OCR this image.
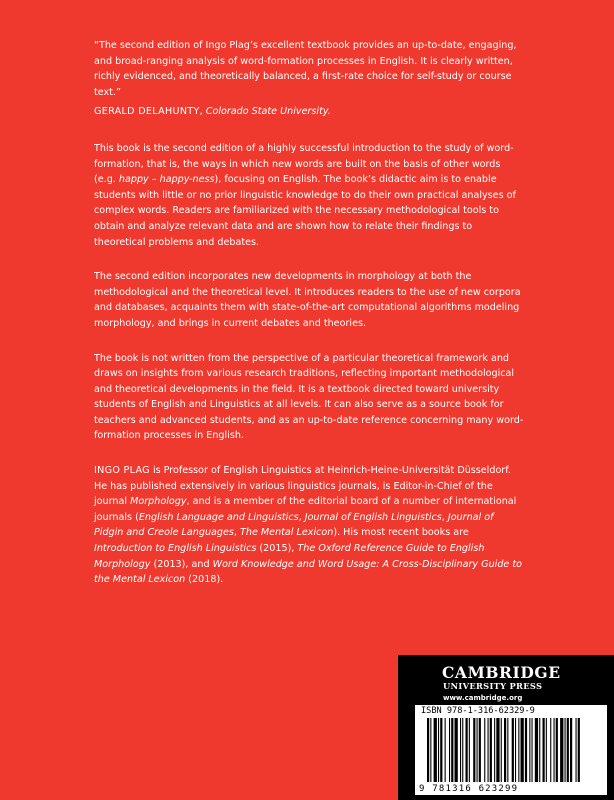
“The second edition of Ingo Plag’s excellent textbook provides an up-to-date, engaging, and broad-ranging analysis of word-formation processes in English. It is clearly written, richly evidenced, and theoretically balanced, a first-rate choice for self-study or course text.”

GERALD DELAHUNTY, Colorado State University.

This book is the second edition of a highly successful introduction to the study of word-formation, that is, the ways in which new words are built on the basis of other words (e.g. happy – happy-ness), focusing on English. The book’s didactic aim is to enable students with little or no prior linguistic knowledge to do their own practical analyses of complex words. Readers are familiarized with the necessary methodological tools to obtain and analyze relevant data and are shown how to relate their findings to theoretical problems and debates.

The second edition incorporates new developments in morphology at both the methodological and the theoretical level. It introduces readers to the use of new corpora and databases, acquaints them with state-of-the-art computational algorithms modeling morphology, and brings in current debates and theories.

The book is not written from the perspective of a particular theoretical framework and draws on insights from various research traditions, reflecting important methodological and theoretical developments in the field. It is a textbook directed toward university students of English and Linguistics at all levels. It can also serve as a source book for teachers and advanced students, and as an up-to-date reference concerning many word-formation processes in English.

INGO PLAG is Professor of English Linguistics at Heinrich-Heine-Universität Düsseldorf. He has published extensively in various linguistics journals, is Editor-in-Chief of the journal Morphology, and is a member of the editorial board of a number of international journals (English Language and Linguistics, Journal of English Linguistics, Journal of Pidgin and Creole Languages, The Mental Lexicon). His most recent books are Introduction to English Linguistics (2015), The Oxford Reference Guide to English Morphology (2013), and Word Knowledge and Word Usage: A Cross-Disciplinary Guide to the Mental Lexicon (2018).

CAMBRIDGE
UNIVERSITY PRESS
www.cambridge.org
ISBN 978-1-316-62329-9
9 781316 623299
